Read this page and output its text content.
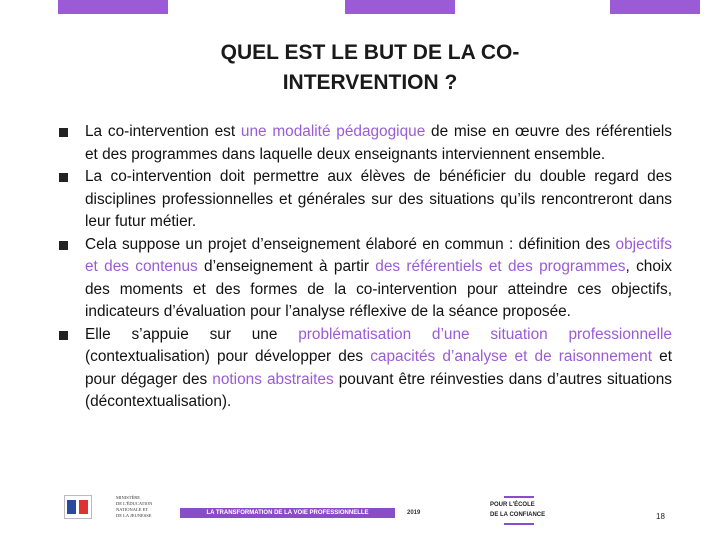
QUEL EST LE BUT DE LA CO-
INTERVENTION ?
La co-intervention est une modalité pédagogique de mise en œuvre des référentiels et des programmes dans laquelle deux enseignants interviennent ensemble.
La co-intervention doit permettre aux élèves de bénéficier du double regard des disciplines professionnelles et générales sur des situations qu’ils rencontreront dans leur futur métier.
Cela suppose un projet d’enseignement élaboré en commun : définition des objectifs et des contenus d’enseignement à partir des référentiels et des programmes, choix des moments et des formes de la co-intervention pour atteindre ces objectifs, indicateurs d’évaluation pour l’analyse réflexive de la séance proposée.
Elle s’appuie sur une problématisation d’une situation professionnelle (contextualisation) pour développer des capacités d’analyse et de raisonnement et pour dégager des notions abstraites pouvant être réinvesties dans d’autres situations (décontextualisation).
MINISTÈRE
DE L'ÉDUCATION
NATIONALE ET
DE LA JEUNESSE	LA TRANSFORMATION DE LA VOIE PROFESSIONNELLE	2019
POUR L'ÉCOLE
DE LA CONFIANCE	18
